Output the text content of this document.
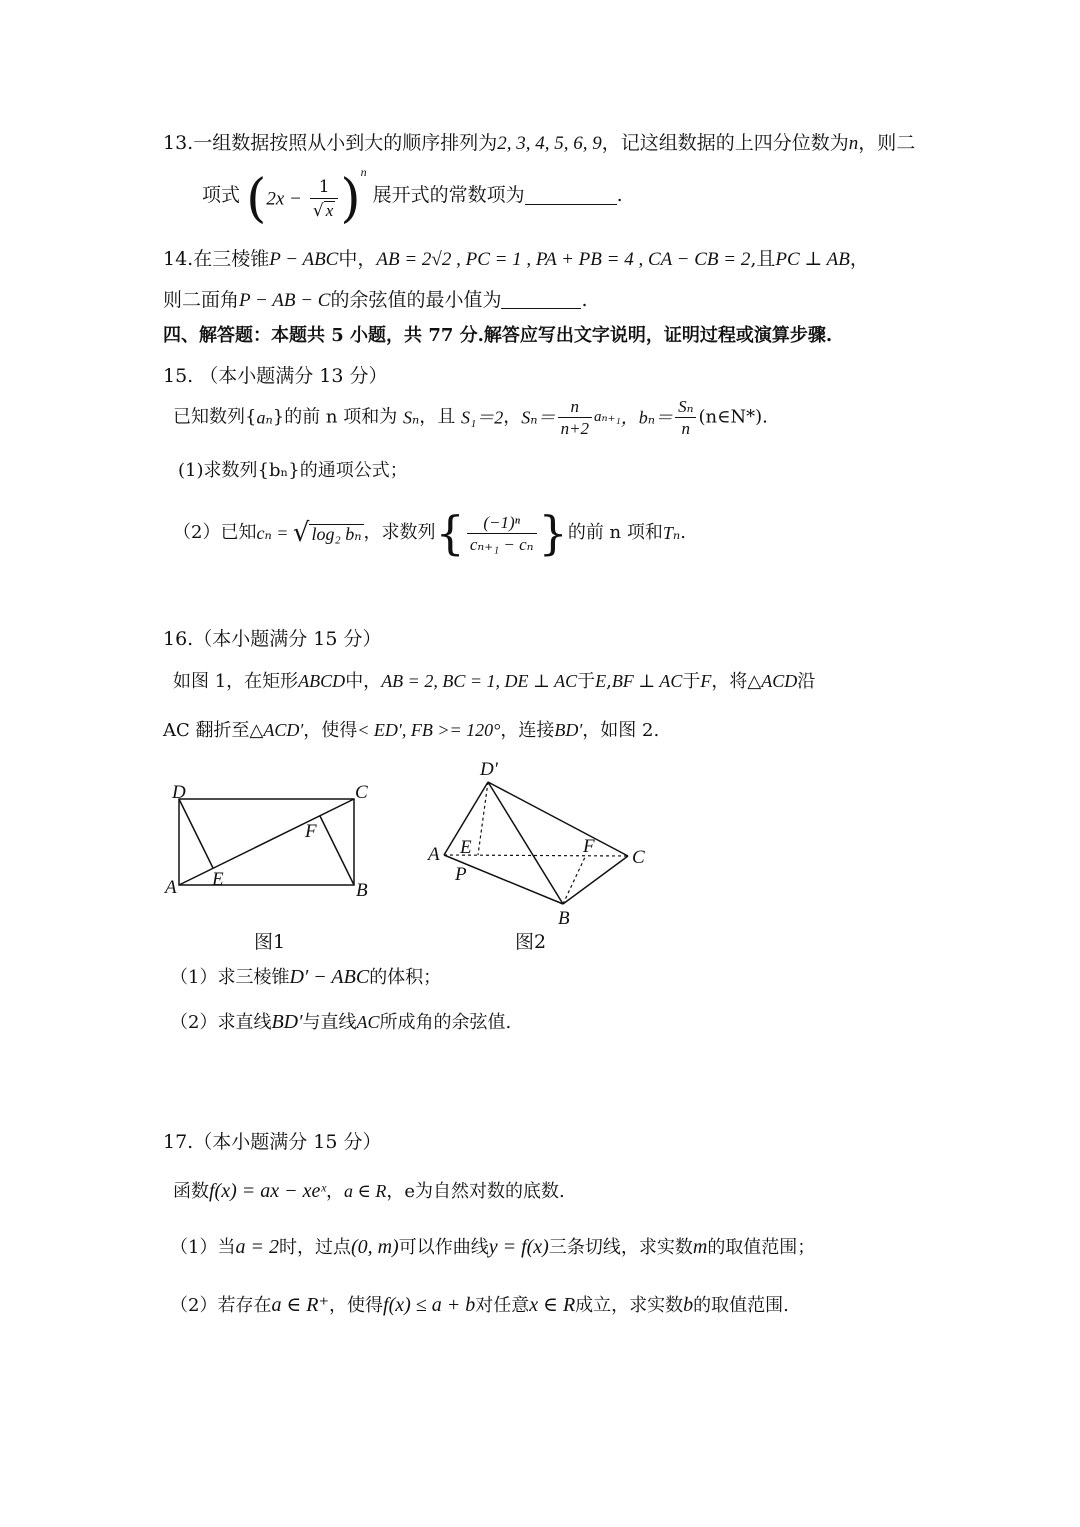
13.一组数据按照从小到大的顺序排列为2, 3, 4, 5, 6, 9，记这组数据的上四分位数为n，则二
项式 $(2x - \frac{1}{√ x} )^n$ 展开式的常数项为	.
14.在三棱锥P − ABC中，AB = 2√2 , PC = 1 , PA + PB = 4 , CA − CB = 2,且PC ⊥ AB，
则二面角P − AB − C的余弦值的最小值为	.
四、解答题：本题共 5 小题，共 77 分.解答应写出文字说明，证明过程或演算步骤.
15. （本小题满分 13 分）
已知数列{aₙ}的前 n 项和为 Sₙ，且 S₁＝2，$S_n= \frac{n}{n+2} a_{n+1}$，$b_n= \frac{\text{Sₙ}}{n}$ (n∈N*).
(1)求数列{bₙ}的通项公式；
（2）已知cₙ = √ log₂ bₙ ，求数列{ $\frac{\text{(−1)ⁿ}}{\text{cₙ₊₁ − cₙ}}$ }的前 n 项和Tₙ.
16.（本小题满分 15 分）
如图 1，在矩形ABCD中，AB = 2, BC = 1, DE ⊥ AC于E,BF ⊥ AC于F，将△ACD沿
AC 翻折至△ACD′，使得< ED′, FB >= 120°，连接BD′，如图 2.
D	C
F
A E
B
图1
D′
A E	F
C
P
B
图2
（1）求三棱锥D′ − ABC的体积；
（2）求直线BD′与直线AC所成角的余弦值.
17.（本小题满分 15 分）
函数f(x) = ax − xeˣ，a ∈ R，e为自然对数的底数.
（1）当a = 2时，过点(0, m)可以作曲线y = f(x)三条切线，求实数m的取值范围；
（2）若存在a ∈ R⁺，使得f(x) ≤ a + b对任意x ∈ R成立，求实数b的取值范围.
